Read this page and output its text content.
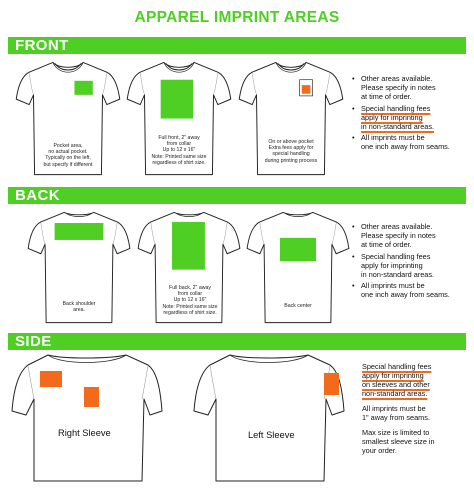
APPAREL IMPRINT AREAS
FRONT
Pocket area,
no actual pocket.
Typically on the left,
but specify if different
Full front, 2" away
from collar
Up to 12 x 16"
Note: Printed same size
regardless of shirt size.
On or above pocket
Extra fees apply for
special handling
during printing process
• Other areas available.
Please specify in notes
at time of order.
• Special handling fees
apply for imprinting
in non-standard areas.
• All imprints must be
one inch away from seams.
BACK
Back shoulder
area.
Full back, 2" away
from collar
Up to 12 x 16"
Note: Printed same size
regardless of shirt size.
Back center
• Other areas available.
Please specify in notes
at time of order.
• Special handling fees
apply for imprinting
in non-standard areas.
• All imprints must be
one inch away from seams.
SIDE
Right Sleeve	Left Sleeve

Special handling fees
apply for imprinting
on sleeves and other
non-standard areas.

All imprints must be
1" away from seams.

Max size is limited to
smallest sleeve size in
your order.
